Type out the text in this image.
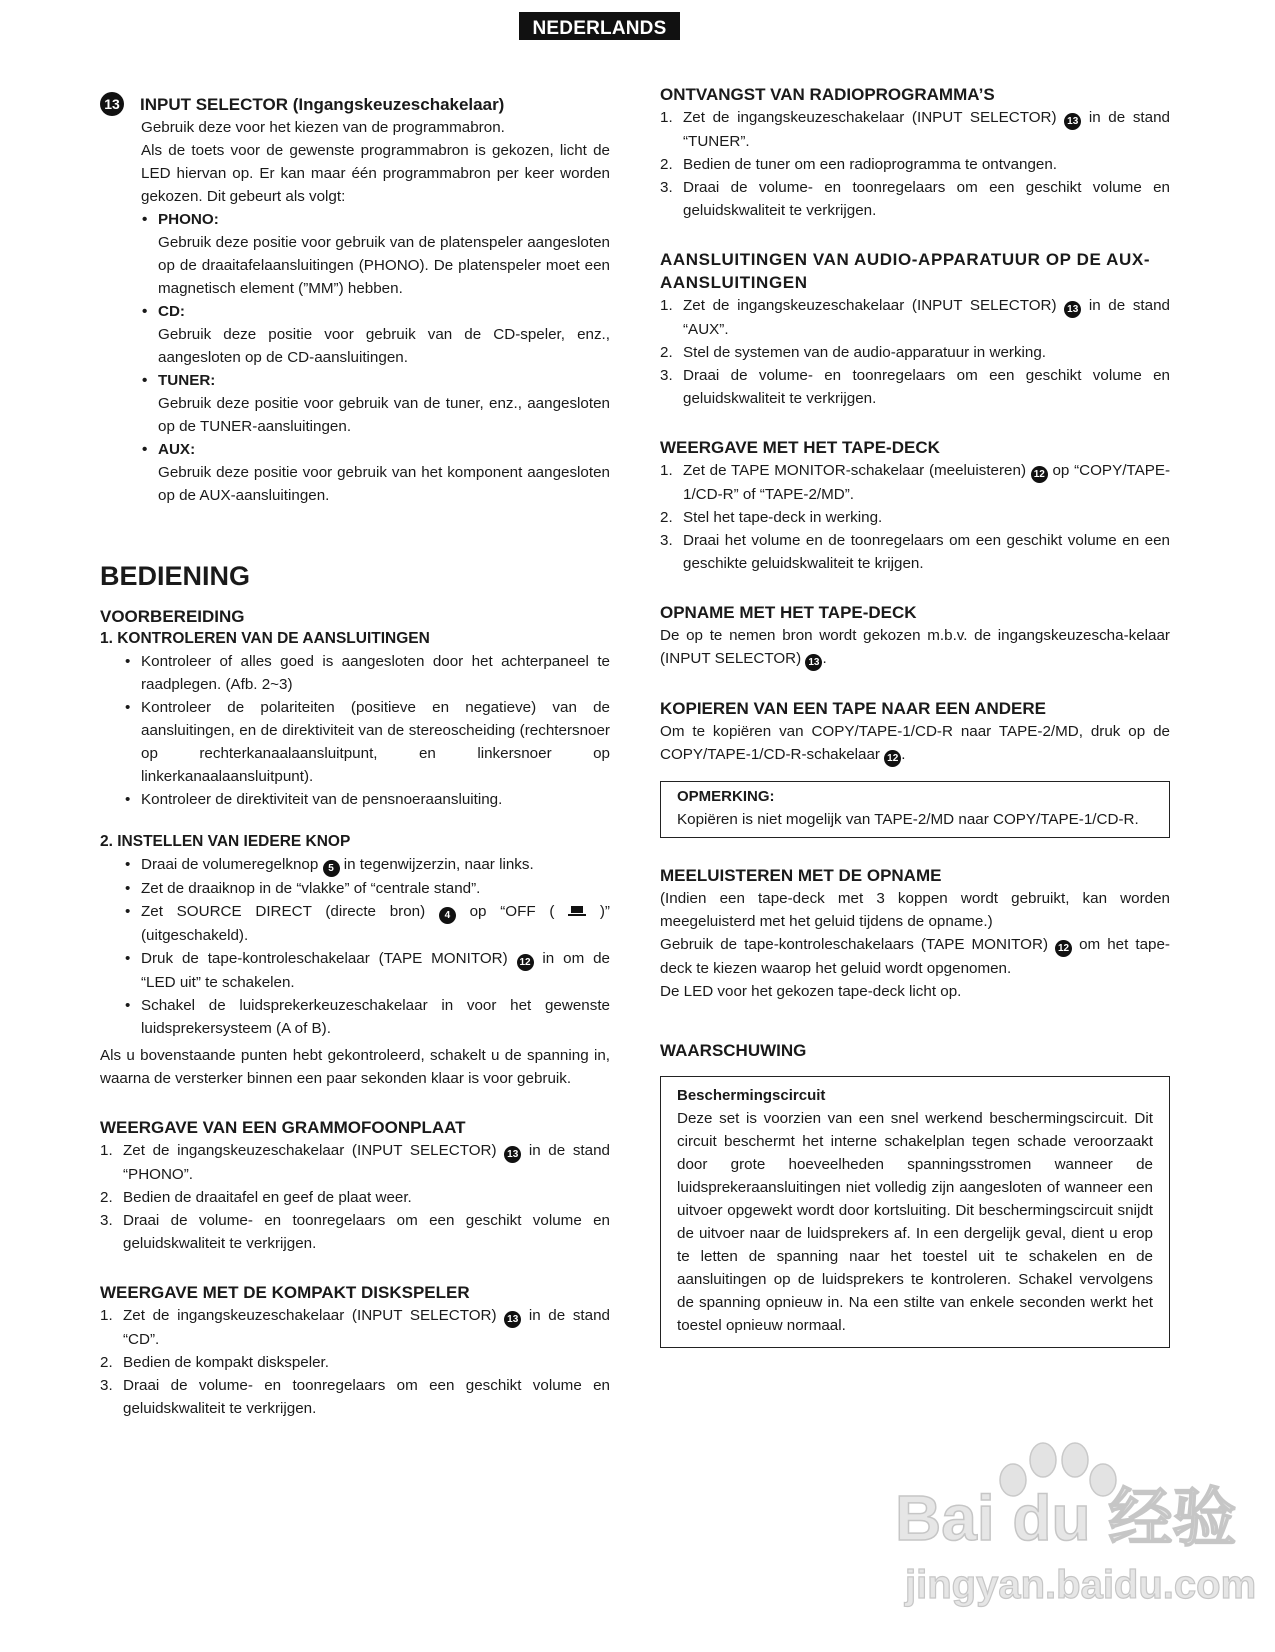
NEDERLANDS
13 INPUT SELECTOR (Ingangskeuzeschakelaar)

Gebruik deze voor het kiezen van de programmabron.

Als de toets voor de gewenste programmabron is gekozen, licht de LED hiervan op. Er kan maar één programmabron per keer worden gekozen. Dit gebeurt als volgt:

• PHONO:

Gebruik deze positie voor gebruik van de platenspeler aangesloten op de draaitafelaansluitingen (PHONO). De platenspeler moet een magnetisch element (”MM”) hebben.

• CD:

Gebruik deze positie voor gebruik van de CD-speler, enz., aangesloten op de CD-aansluitingen.

• TUNER:

Gebruik deze positie voor gebruik van de tuner, enz., aangesloten op de TUNER-aansluitingen.

• AUX:

Gebruik deze positie voor gebruik van het komponent aangesloten op de AUX-aansluitingen.

BEDIENING
VOORBEREIDING
1. KONTROLEREN VAN DE AANSLUITINGEN
• Kontroleer of alles goed is aangesloten door het achterpaneel te raadplegen. (Afb. 2~3)
• Kontroleer de polariteiten (positieve en negatieve) van de aansluitingen, en de direktiviteit van de stereoscheiding (rechtersnoer op rechterkanaalaansluitpunt, en linkersnoer op linkerkanaalaansluitpunt).
• Kontroleer de direktiviteit van de pensnoeraansluiting.
2. INSTELLEN VAN IEDERE KNOP
• Draai de volumeregelknop 5 in tegenwijzerzin, naar links.
• Zet de draaiknop in de “vlakke” of “centrale stand”.
• Zet SOURCE DIRECT (directe bron) 4 op “OFF (  )” (uitgeschakeld).
• Druk de tape-kontroleschakelaar (TAPE MONITOR) 12 in om de “LED uit” te schakelen.
• Schakel de luidsprekerkeuzeschakelaar in voor het gewenste luidsprekersysteem (A of B).

Als u bovenstaande punten hebt gekontroleerd, schakelt u de spanning in, waarna de versterker binnen een paar sekonden klaar is voor gebruik.

WEERGAVE VAN EEN GRAMMOFOONPLAAT
1. Zet de ingangskeuzeschakelaar (INPUT SELECTOR) 13 in de stand “PHONO”.
2. Bedien de draaitafel en geef de plaat weer.
3. Draai de volume- en toonregelaars om een geschikt volume en geluidskwaliteit te verkrijgen.
WEERGAVE MET DE KOMPAKT DISKSPELER
1. Zet de ingangskeuzeschakelaar (INPUT SELECTOR) 13 in de stand “CD”.
2. Bedien de kompakt diskspeler.
3. Draai de volume- en toonregelaars om een geschikt volume en geluidskwaliteit te verkrijgen.
ONTVANGST VAN RADIOPROGRAMMA’S
1. Zet de ingangskeuzeschakelaar (INPUT SELECTOR) 13 in de stand “TUNER”.
2. Bedien de tuner om een radioprogramma te ontvangen.
3. Draai de volume- en toonregelaars om een geschikt volume en geluidskwaliteit te verkrijgen.
AANSLUITINGEN VAN AUDIO-APPARATUUR OP DE AUX-AANSLUITINGEN
1. Zet de ingangskeuzeschakelaar (INPUT SELECTOR) 13 in de stand “AUX”.
2. Stel de systemen van de audio-apparatuur in werking.
3. Draai de volume- en toonregelaars om een geschikt volume en geluidskwaliteit te verkrijgen.
WEERGAVE MET HET TAPE-DECK
1. Zet de TAPE MONITOR-schakelaar (meeluisteren) 12 op “COPY/TAPE-1/CD-R” of “TAPE-2/MD”.
2. Stel het tape-deck in werking.
3. Draai het volume en de toonregelaars om een geschikt volume en een geschikte geluidskwaliteit te krijgen.
OPNAME MET HET TAPE-DECK

De op te nemen bron wordt gekozen m.b.v. de ingangskeuzescha-kelaar (INPUT SELECTOR) 13 .

KOPIEREN VAN EEN TAPE NAAR EEN ANDERE

Om te kopiëren van COPY/TAPE-1/CD-R naar TAPE-2/MD, druk op de COPY/TAPE-1/CD-R-schakelaar 12 .

OPMERKING:

Kopiëren is niet mogelijk van TAPE-2/MD naar COPY/TAPE-1/CD-R.

MEELUISTEREN MET DE OPNAME

(Indien een tape-deck met 3 koppen wordt gebruikt, kan worden meegeluisterd met het geluid tijdens de opname.)

Gebruik de tape-kontroleschakelaars (TAPE MONITOR) 12 om het tape-deck te kiezen waarop het geluid wordt opgenomen.

De LED voor het gekozen tape-deck licht op.

WAARSCHUWING
Beschermingscircuit

Deze set is voorzien van een snel werkend beschermingscircuit. Dit circuit beschermt het interne schakelplan tegen schade veroorzaakt door grote hoeveelheden spanningsstromen wanneer de luidsprekeraansluitingen niet volledig zijn aangesloten of wanneer een uitvoer opgewekt wordt door kortsluiting. Dit beschermingscircuit snijdt de uitvoer naar de luidsprekers af. In een dergelijk geval, dient u erop te letten de spanning naar het toestel uit te schakelen en de aansluitingen op de luidsprekers te kontroleren. Schakel vervolgens de spanning opnieuw in. Na een stilte van enkele seconden werkt het toestel opnieuw normaal.

Bai du 经验
jingyan.baidu.com
